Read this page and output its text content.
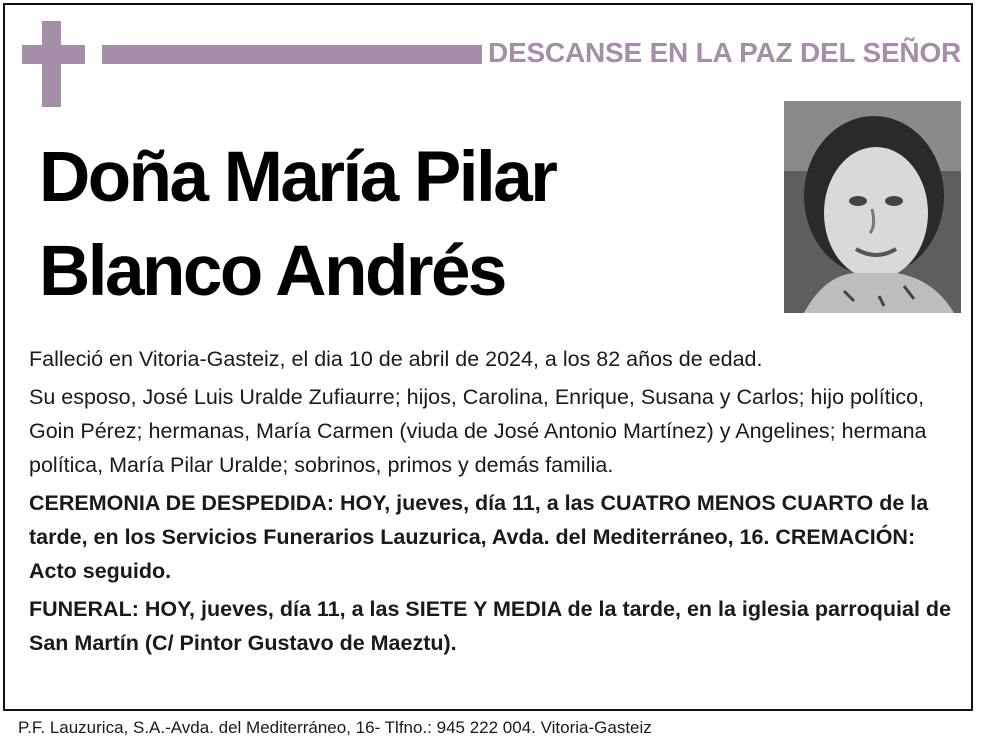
DESCANSE EN LA PAZ DEL SEÑOR
Doña María Pilar
Blanco Andrés

Falleció en Vitoria-Gasteiz, el dia 10 de abril de 2024, a los 82 años de edad.

Su esposo, José Luis Uralde Zufiaurre; hijos, Carolina, Enrique, Susana y Carlos; hijo político, Goin Pérez; hermanas, María Carmen (viuda de José Antonio Martínez) y Angelines; hermana política, María Pilar Uralde; sobrinos, primos y demás familia.

CEREMONIA DE DESPEDIDA: HOY, jueves, día 11, a las CUATRO MENOS CUARTO de la tarde, en los Servicios Funerarios Lauzurica, Avda. del Mediterráneo, 16. CREMACIÓN: Acto seguido.

FUNERAL: HOY, jueves, día 11, a las SIETE Y MEDIA de la tarde, en la iglesia parroquial de San Martín (C/ Pintor Gustavo de Maeztu).

P.F. Lauzurica, S.A.-Avda. del Mediterráneo, 16- Tlfno.: 945 222 004. Vitoria-Gasteiz
